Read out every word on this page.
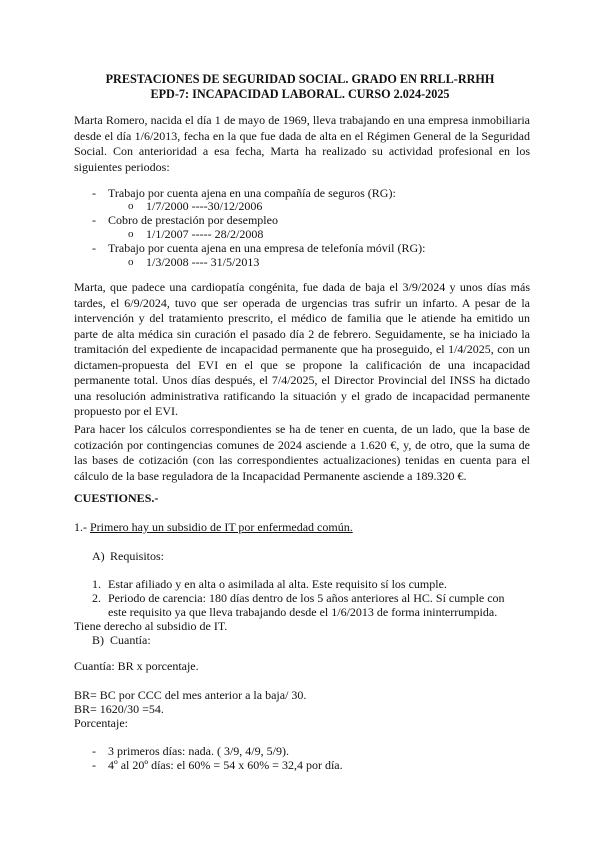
PRESTACIONES DE SEGURIDAD SOCIAL. GRADO EN RRLL-RRHH
EPD-7: INCAPACIDAD LABORAL. CURSO 2.024-2025
Marta Romero, nacida el día 1 de mayo de 1969, lleva trabajando en una empresa inmobiliaria desde el día 1/6/2013, fecha en la que fue dada de alta en el Régimen General de la Seguridad Social. Con anterioridad a esa fecha, Marta ha realizado su actividad profesional en los siguientes periodos:
- Trabajo por cuenta ajena en una compañía de seguros (RG):
o 1/7/2000 ----30/12/2006
- Cobro de prestación por desempleo
o 1/1/2007 ----- 28/2/2008
- Trabajo por cuenta ajena en una empresa de telefonía móvil (RG):
o 1/3/2008 ---- 31/5/2013
Marta, que padece una cardiopatía congénita, fue dada de baja el 3/9/2024 y unos días más tardes, el 6/9/2024, tuvo que ser operada de urgencias tras sufrir un infarto. A pesar de la intervención y del tratamiento prescrito, el médico de familia que le atiende ha emitido un parte de alta médica sin curación el pasado día 2 de febrero. Seguidamente, se ha iniciado la tramitación del expediente de incapacidad permanente que ha proseguido, el 1/4/2025, con un dictamen-propuesta del EVI en el que se propone la calificación de una incapacidad permanente total. Unos días después, el 7/4/2025, el Director Provincial del INSS ha dictado una resolución administrativa ratificando la situación y el grado de incapacidad permanente propuesto por el EVI.
Para hacer los cálculos correspondientes se ha de tener en cuenta, de un lado, que la base de cotización por contingencias comunes de 2024 asciende a 1.620 €, y, de otro, que la suma de las bases de cotización (con las correspondientes actualizaciones) tenidas en cuenta para el cálculo de la base reguladora de la Incapacidad Permanente asciende a 189.320 €.
CUESTIONES.-
1.- Primero hay un subsidio de IT por enfermedad común.
A) Requisitos:
1. Estar afiliado y en alta o asimilada al alta. Este requisito sí los cumple.
2. Periodo de carencia: 180 días dentro de los 5 años anteriores al HC. Sí cumple con
este requisito ya que lleva trabajando desde el 1/6/2013 de forma ininterrumpida.
Tiene derecho al subsidio de IT.
B) Cuantía:
Cuantía: BR x porcentaje.
BR= BC por CCC del mes anterior a la baja/ 30.
BR= 1620/30 =54.
Porcentaje:
- 3 primeros días: nada. ( 3/9, 4/9, 5/9).
- 4º al 20º días: el 60% = 54 x 60% = 32,4 por día.
